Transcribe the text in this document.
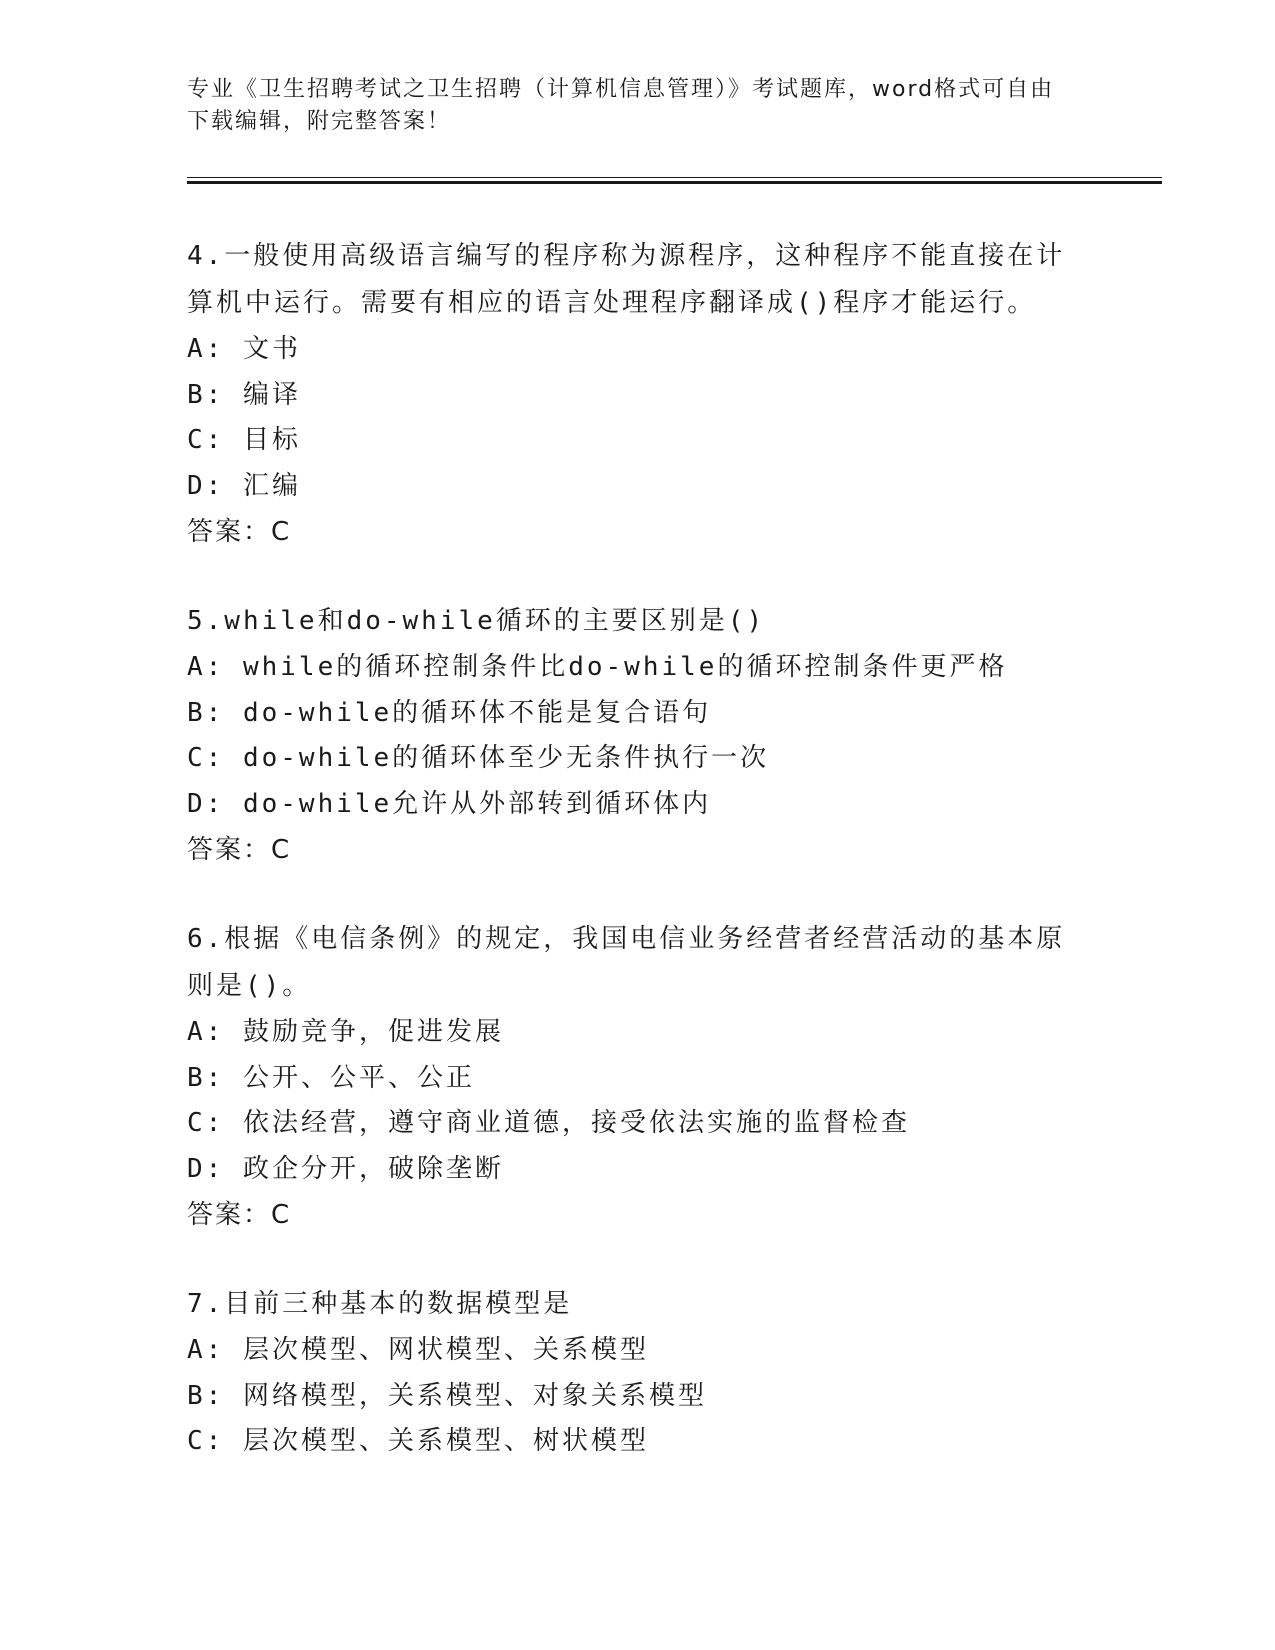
专业《卫生招聘考试之卫生招聘（计算机信息管理）》考试题库，word格式可自由下载编辑，附完整答案！
4.一般使用高级语言编写的程序称为源程序，这种程序不能直接在计算机中运行。需要有相应的语言处理程序翻译成()程序才能运行。
A: 文书
B: 编译
C: 目标
D: 汇编
答案：C
5.while和do-while循环的主要区别是()
A: while的循环控制条件比do-while的循环控制条件更严格
B: do-while的循环体不能是复合语句
C: do-while的循环体至少无条件执行一次
D: do-while允许从外部转到循环体内
答案：C
6.根据《电信条例》的规定，我国电信业务经营者经营活动的基本原则是()。
A: 鼓励竞争，促进发展
B: 公开、公平、公正
C: 依法经营，遵守商业道德，接受依法实施的监督检查
D: 政企分开，破除垄断
答案：C
7.目前三种基本的数据模型是
A: 层次模型、网状模型、关系模型
B: 网络模型，关系模型、对象关系模型
C: 层次模型、关系模型、树状模型
